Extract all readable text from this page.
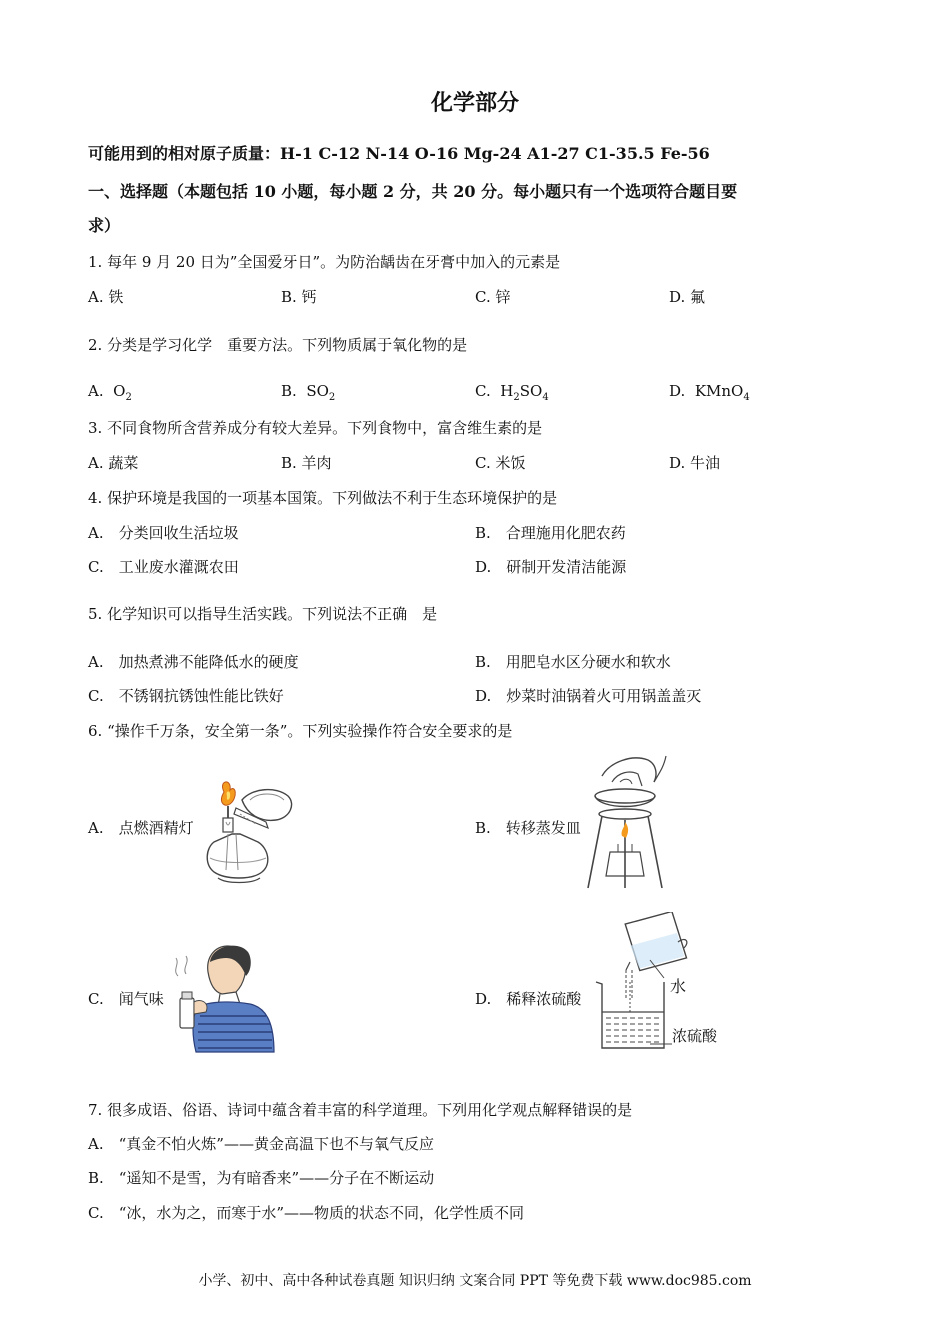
化学部分
可能用到的相对原子质量：H-1 C-12 N-14 O-16 Mg-24 A1-27 C1-35.5 Fe-56
一、选择题（本题包括 10 小题，每小题 2 分，共 20 分。每小题只有一个选项符合题目要
求）
1. 每年 9 月 20 日为”全国爱牙日”。为防治龋齿在牙膏中加入的元素是
A. 铁	B. 钙	C. 锌	D. 氟
2. 分类是学习化学　重要方法。下列物质属于氧化物的是
A. $O_2$	B. $SO_2$	C. $H_2SO_4$	D. KMnO$_4$
3. 不同食物所含营养成分有较大差异。下列食物中，富含维生素的是
A. 蔬菜	B. 羊肉	C. 米饭	D. 牛油
4. 保护环境是我国的一项基本国策。下列做法不利于生态环境保护的是
A.　分类回收生活垃圾	B.　合理施用化肥农药
C.　工业废水灌溉农田	D.　研制开发清洁能源
5. 化学知识可以指导生活实践。下列说法不正确　是
A.　加热煮沸不能降低水的硬度	B.　用肥皂水区分硬水和软水
C.　不锈钢抗锈蚀性能比铁好	D.　炒菜时油锅着火可用锅盖盖灭
6. “操作千万条，安全第一条”。下列实验操作符合安全要求的是
A.　点燃酒精灯	B.　转移蒸发皿
C.　闻气味	D.　稀释浓硫酸
水
浓硫酸
7. 很多成语、俗语、诗词中蕴含着丰富的科学道理。下列用化学观点解释错误的是
A.　“真金不怕火炼”——黄金高温下也不与氧气反应
B.　“遥知不是雪，为有暗香来”——分子在不断运动
C.　“冰，水为之，而寒于水”——物质的状态不同，化学性质不同
小学、初中、高中各种试卷真题 知识归纳 文案合同 PPT 等免费下载 www.doc985.com
